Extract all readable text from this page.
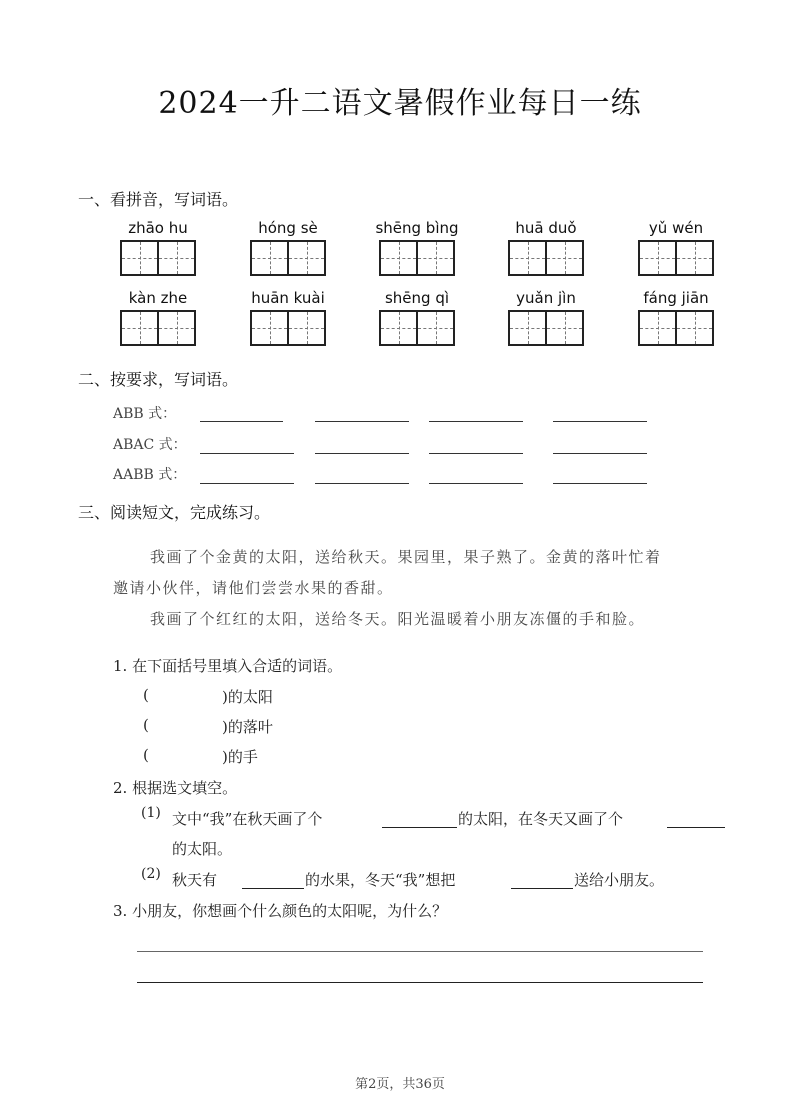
2024一升二语文暑假作业每日一练
一、看拼音，写词语。
zhāo hu	hóng sè	shēng bìng	huā duǒ	yǔ wén
kàn zhe	huān kuài	shēng qì	yuǎn jìn	fáng jiān
二、按要求，写词语。
ABB 式：
ABAC 式：
AABB 式：
三、阅读短文，完成练习。
我画了个金黄的太阳，送给秋天。果园里，果子熟了。金黄的落叶忙着
邀请小伙伴，请他们尝尝水果的香甜。
我画了个红红的太阳，送给冬天。阳光温暖着小朋友冻僵的手和脸。
1. 在下面括号里填入合适的词语。
(	)的太阳
(	)的落叶
(	)的手
2. 根据选文填空。
(1) 文中“我”在秋天画了个	的太阳，在冬天又画了个
的太阳。
(2) 秋天有	的水果，冬天“我”想把	送给小朋友。
3. 小朋友，你想画个什么颜色的太阳呢，为什么？
第2页，共36页
